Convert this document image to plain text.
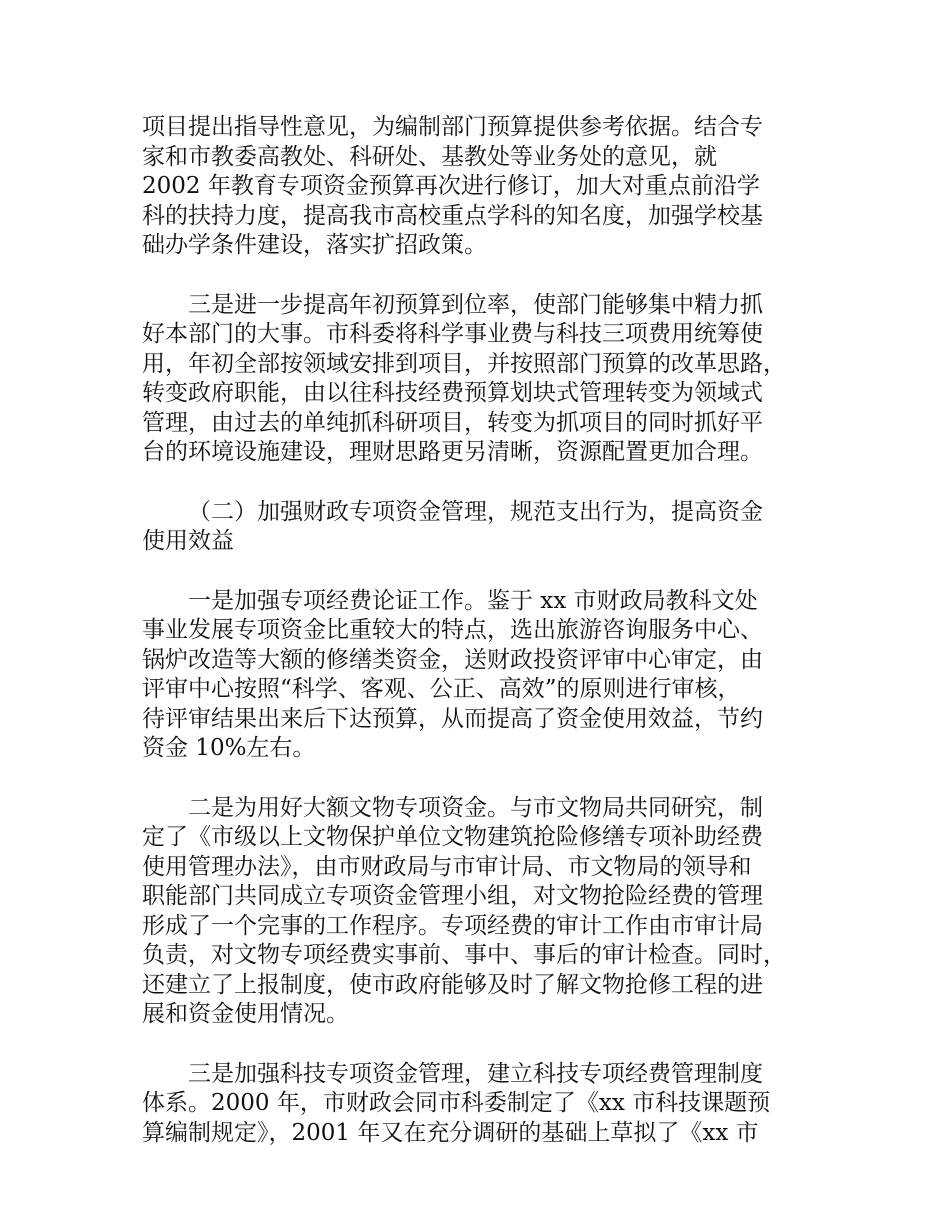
项目提出指导性意见，为编制部门预算提供参考依据。结合专
家和市教委高教处、科研处、基教处等业务处的意见，就
2002 年教育专项资金预算再次进行修订，加大对重点前沿学
科的扶持力度，提高我市高校重点学科的知名度，加强学校基
础办学条件建设，落实扩招政策。

三是进一步提高年初预算到位率，使部门能够集中精力抓
好本部门的大事。市科委将科学事业费与科技三项费用统筹使
用，年初全部按领域安排到项目，并按照部门预算的改革思路，
转变政府职能，由以往科技经费预算划块式管理转变为领域式
管理，由过去的单纯抓科研项目，转变为抓项目的同时抓好平
台的环境设施建设，理财思路更另清晰，资源配置更加合理。

（二）加强财政专项资金管理，规范支出行为，提高资金
使用效益

一是加强专项经费论证工作。鉴于 xx 市财政局教科文处
事业发展专项资金比重较大的特点，选出旅游咨询服务中心、
锅炉改造等大额的修缮类资金，送财政投资评审中心审定，由
评审中心按照“科学、客观、公正、高效”的原则进行审核，
待评审结果出来后下达预算，从而提高了资金使用效益，节约
资金 10%左右。

二是为用好大额文物专项资金。与市文物局共同研究，制
定了《市级以上文物保护单位文物建筑抢险修缮专项补助经费
使用管理办法》，由市财政局与市审计局、市文物局的领导和
职能部门共同成立专项资金管理小组，对文物抢险经费的管理
形成了一个完事的工作程序。专项经费的审计工作由市审计局
负责，对文物专项经费实事前、事中、事后的审计检查。同时，
还建立了上报制度，使市政府能够及时了解文物抢修工程的进
展和资金使用情况。

三是加强科技专项资金管理，建立科技专项经费管理制度
体系。2000 年，市财政会同市科委制定了《xx 市科技课题预
算编制规定》，2001 年又在充分调研的基础上草拟了《xx 市
